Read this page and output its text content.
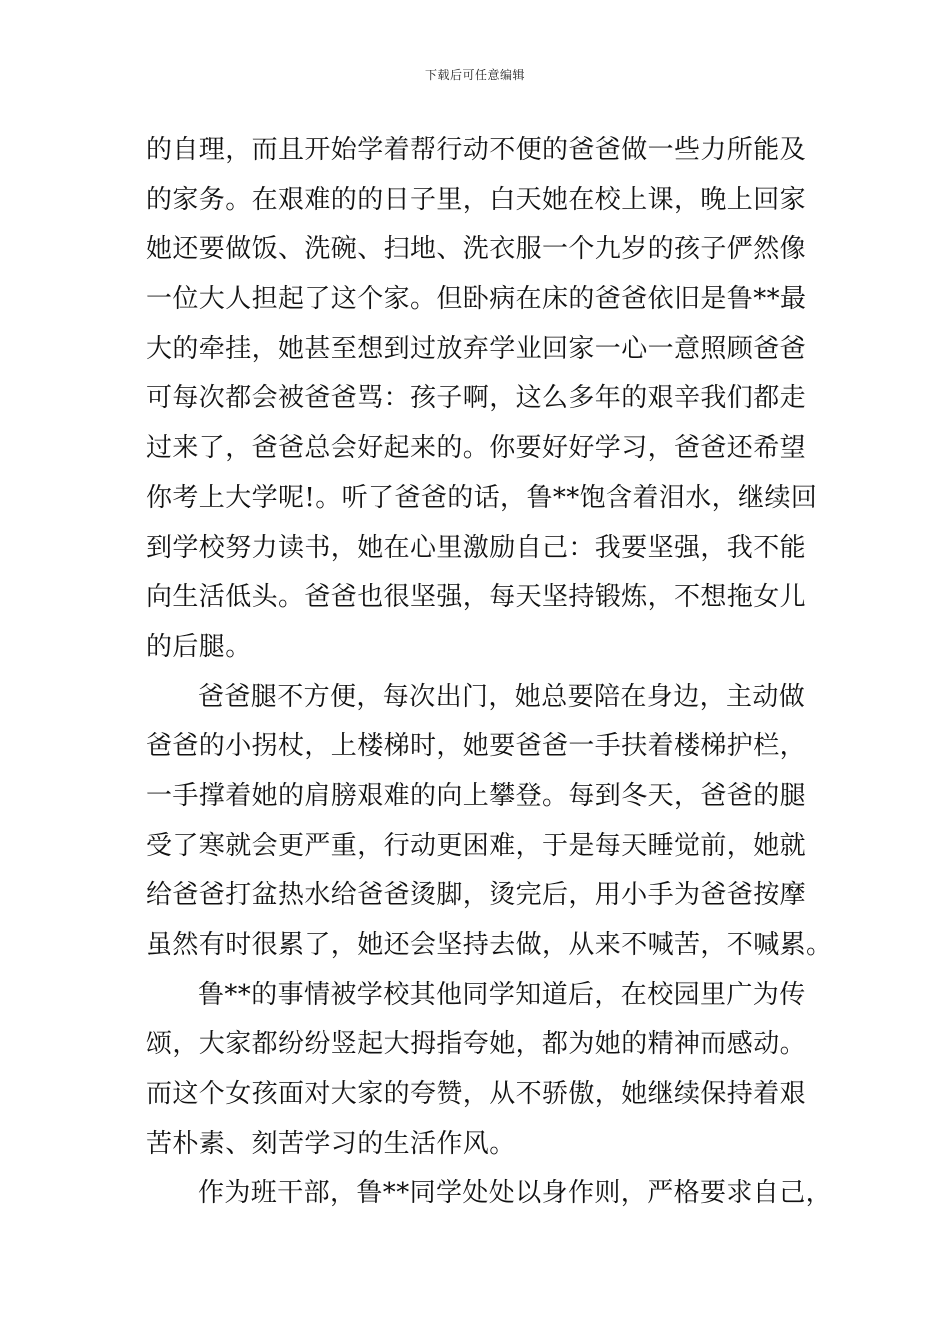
下载后可任意编辑
的自理，而且开始学着帮行动不便的爸爸做一些力所能及
的家务。在艰难的的日子里，白天她在校上课，晚上回家
她还要做饭、洗碗、扫地、洗衣服一个九岁的孩子俨然像
一位大人担起了这个家。但卧病在床的爸爸依旧是鲁**最
大的牵挂，她甚至想到过放弃学业回家一心一意照顾爸爸
可每次都会被爸爸骂：孩子啊，这么多年的艰辛我们都走
过来了，爸爸总会好起来的。你要好好学习，爸爸还希望
你考上大学呢!。听了爸爸的话，鲁**饱含着泪水，继续回
到学校努力读书，她在心里激励自己：我要坚强，我不能
向生活低头。爸爸也很坚强，每天坚持锻炼，不想拖女儿
的后腿。
爸爸腿不方便，每次出门，她总要陪在身边，主动做
爸爸的小拐杖，上楼梯时，她要爸爸一手扶着楼梯护栏，
一手撑着她的肩膀艰难的向上攀登。每到冬天，爸爸的腿
受了寒就会更严重，行动更困难，于是每天睡觉前，她就
给爸爸打盆热水给爸爸烫脚，烫完后，用小手为爸爸按摩
虽然有时很累了，她还会坚持去做，从来不喊苦，不喊累。
鲁**的事情被学校其他同学知道后，在校园里广为传
颂，大家都纷纷竖起大拇指夸她，都为她的精神而感动。
而这个女孩面对大家的夸赞，从不骄傲，她继续保持着艰
苦朴素、刻苦学习的生活作风。
作为班干部，鲁**同学处处以身作则，严格要求自己，
